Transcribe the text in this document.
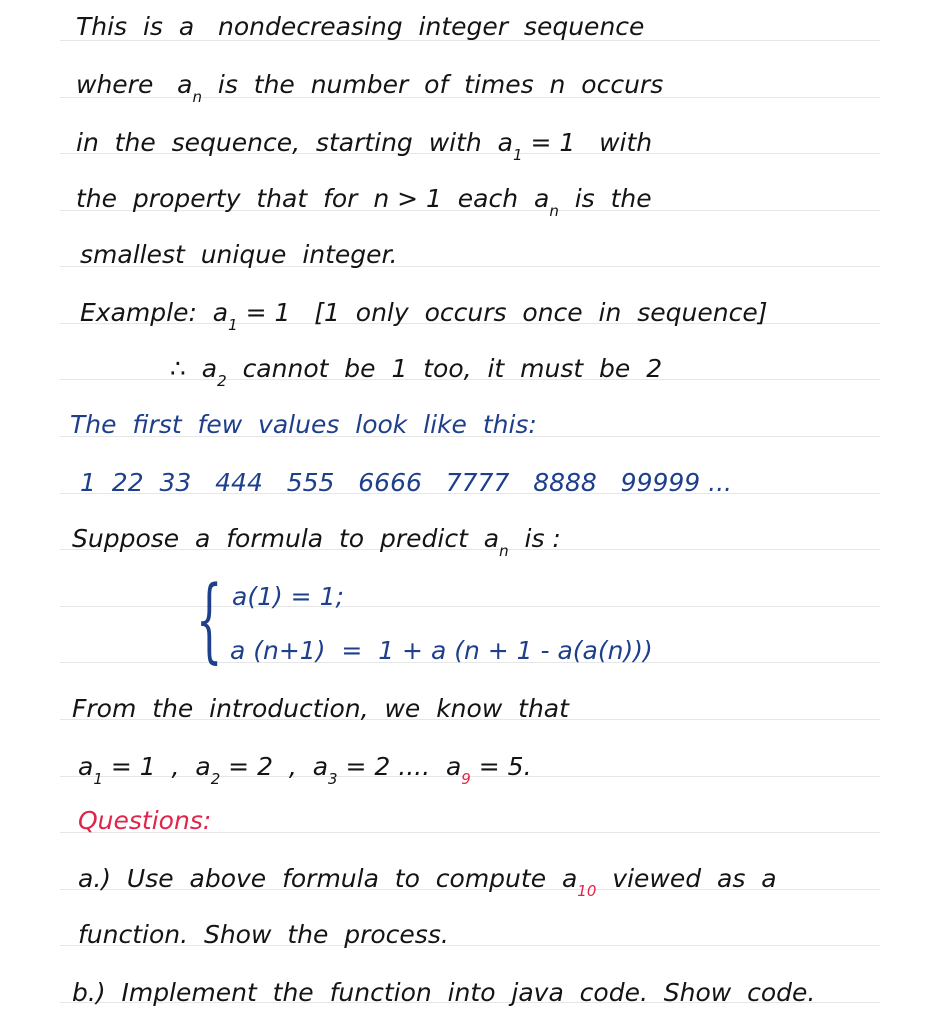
This  is  a   nondecreasing  integer  sequence
where   $a_n$  is  the  number  of  times  n  occurs
in  the  sequence,  starting  with  $a_1 = 1$   with
the  property  that  for  n > 1  each  $a_n$  is  the
smallest  unique  integer.
Example:  $a_1 = 1$   [1  only  occurs  once  in  sequence]
∴  $a_2$  cannot  be  1  too,  it  must  be  2
The  first  few  values  look  like  this:
1  22  33   444   555   6666   7777   8888   99999 ...
Suppose  a  formula  to  predict  $a_n$  is :
{ a(1) = 1;
a (n+1)  =  1 + a (n + 1 - a(a(n)))
From  the  introduction,  we  know  that
$a_1 = 1$  ,  $a_2 = 2$  ,  $a_3 = 2$ ....  $a_9 = 5$.
Questions:
a.)  Use  above  formula  to  compute  $a_{10}$  viewed  as  a
function.  Show  the  process.
b.)  Implement  the  function  into  java  code.  Show  code.
